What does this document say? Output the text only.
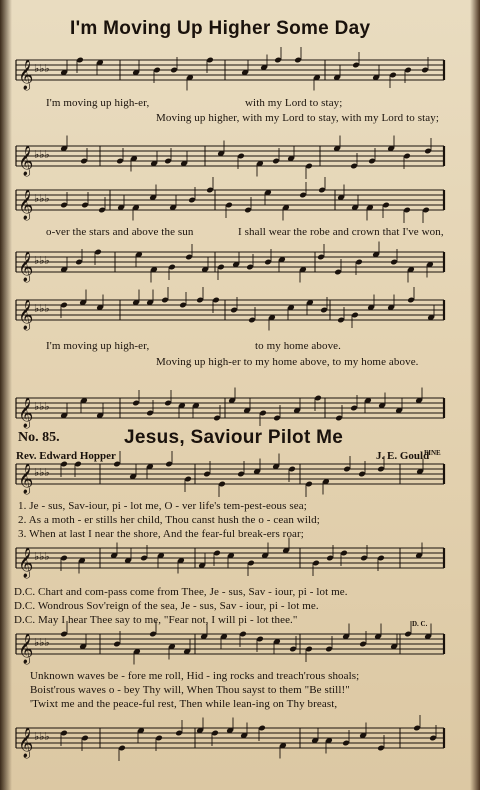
I'm Moving Up Higher Some Day
𝄞 ♭♭♭
I'm moving up high-er,	with my Lord to stay;
Moving up higher, with my Lord to stay, with my Lord to stay;
𝄞 ♭♭♭
𝄞 ♭♭♭
o-ver the stars and above the sun	I shall wear the robe and crown that I've won,
𝄞 ♭♭♭
𝄞 ♭♭♭
I'm moving up high-er,	to my home above.
Moving up high-er to my home above, to my home above.
𝄞 ♭♭♭
No. 85.	Jesus, Saviour Pilot Me
Rev. Edward Hopper	J. E. Gould
FINE
𝄞 ♭♭♭
1. Je - sus, Sav-iour, pi - lot me, O - ver life's tem-pest-eous sea;
2. As a moth - er stills her child, Thou canst hush the o - cean wild;
3. When at last I near the shore, And the fear-ful break-ers roar;
𝄞 ♭♭♭
D.C. Chart and com-pass come from Thee, Je - sus, Sav - iour, pi - lot me.
D.C. Wondrous Sov'reign of the sea, Je - sus, Sav - iour, pi - lot me.
D.C. May I hear Thee say to me, "Fear not, I will pi - lot thee."	D. C.
𝄞 ♭♭♭
Unknown waves be - fore me roll, Hid - ing rocks and treach'rous shoals;
Boist'rous waves o - bey Thy will, When Thou sayst to them "Be still!"
'Twixt me and the peace-ful rest, Then while lean-ing on Thy breast,
𝄞 ♭♭♭
